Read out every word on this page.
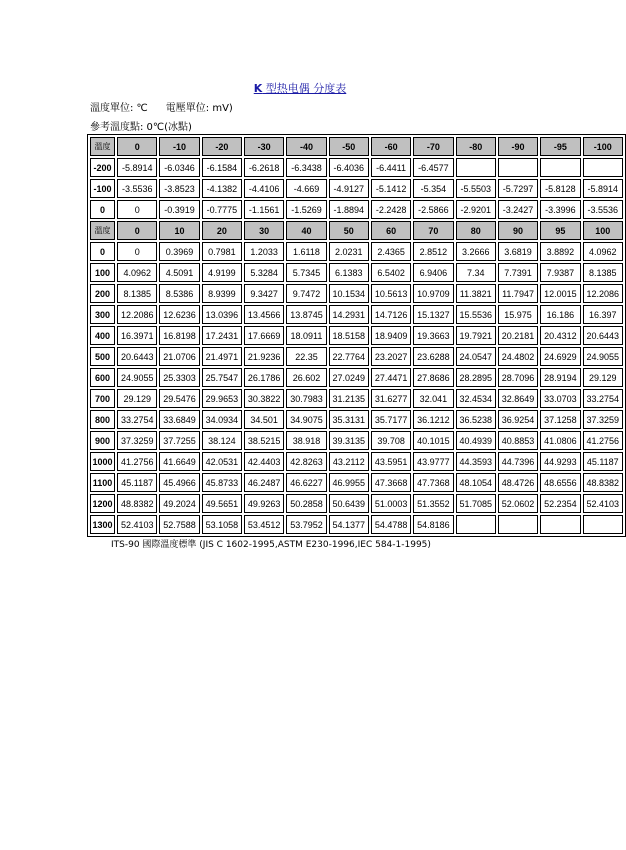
K 型热电偶 分度表
溫度單位: ℃ 電壓單位: mV)
參考溫度點: 0℃(冰點)
溫度	0	-10	-20	-30	-40	-50	-60	-70	-80	-90	-95	-100
-200	-5.8914	-6.0346	-6.1584	-6.2618	-6.3438	-6.4036	-6.4411	-6.4577				
-100	-3.5536	-3.8523	-4.1382	-4.4106	-4.669	-4.9127	-5.1412	-5.354	-5.5503	-5.7297	-5.8128	-5.8914
0	0	-0.3919	-0.7775	-1.1561	-1.5269	-1.8894	-2.2428	-2.5866	-2.9201	-3.2427	-3.3996	-3.5536
溫度	0	10	20	30	40	50	60	70	80	90	95	100
0	0	0.3969	0.7981	1.2033	1.6118	2.0231	2.4365	2.8512	3.2666	3.6819	3.8892	4.0962
100	4.0962	4.5091	4.9199	5.3284	5.7345	6.1383	6.5402	6.9406	7.34	7.7391	7.9387	8.1385
200	8.1385	8.5386	8.9399	9.3427	9.7472	10.1534	10.5613	10.9709	11.3821	11.7947	12.0015	12.2086
300	12.2086	12.6236	13.0396	13.4566	13.8745	14.2931	14.7126	15.1327	15.5536	15.975	16.186	16.397
400	16.3971	16.8198	17.2431	17.6669	18.0911	18.5158	18.9409	19.3663	19.7921	20.2181	20.4312	20.6443
500	20.6443	21.0706	21.4971	21.9236	22.35	22.7764	23.2027	23.6288	24.0547	24.4802	24.6929	24.9055
600	24.9055	25.3303	25.7547	26.1786	26.602	27.0249	27.4471	27.8686	28.2895	28.7096	28.9194	29.129
700	29.129	29.5476	29.9653	30.3822	30.7983	31.2135	31.6277	32.041	32.4534	32.8649	33.0703	33.2754
800	33.2754	33.6849	34.0934	34.501	34.9075	35.3131	35.7177	36.1212	36.5238	36.9254	37.1258	37.3259
900	37.3259	37.7255	38.124	38.5215	38.918	39.3135	39.708	40.1015	40.4939	40.8853	41.0806	41.2756
1000	41.2756	41.6649	42.0531	42.4403	42.8263	43.2112	43.5951	43.9777	44.3593	44.7396	44.9293	45.1187
1100	45.1187	45.4966	45.8733	46.2487	46.6227	46.9955	47.3668	47.7368	48.1054	48.4726	48.6556	48.8382
1200	48.8382	49.2024	49.5651	49.9263	50.2858	50.6439	51.0003	51.3552	51.7085	52.0602	52.2354	52.4103
1300	52.4103	52.7588	53.1058	53.4512	53.7952	54.1377	54.4788	54.8186				
ITS-90 國際溫度標準 (JIS C 1602-1995,ASTM E230-1996,IEC 584-1-1995)
